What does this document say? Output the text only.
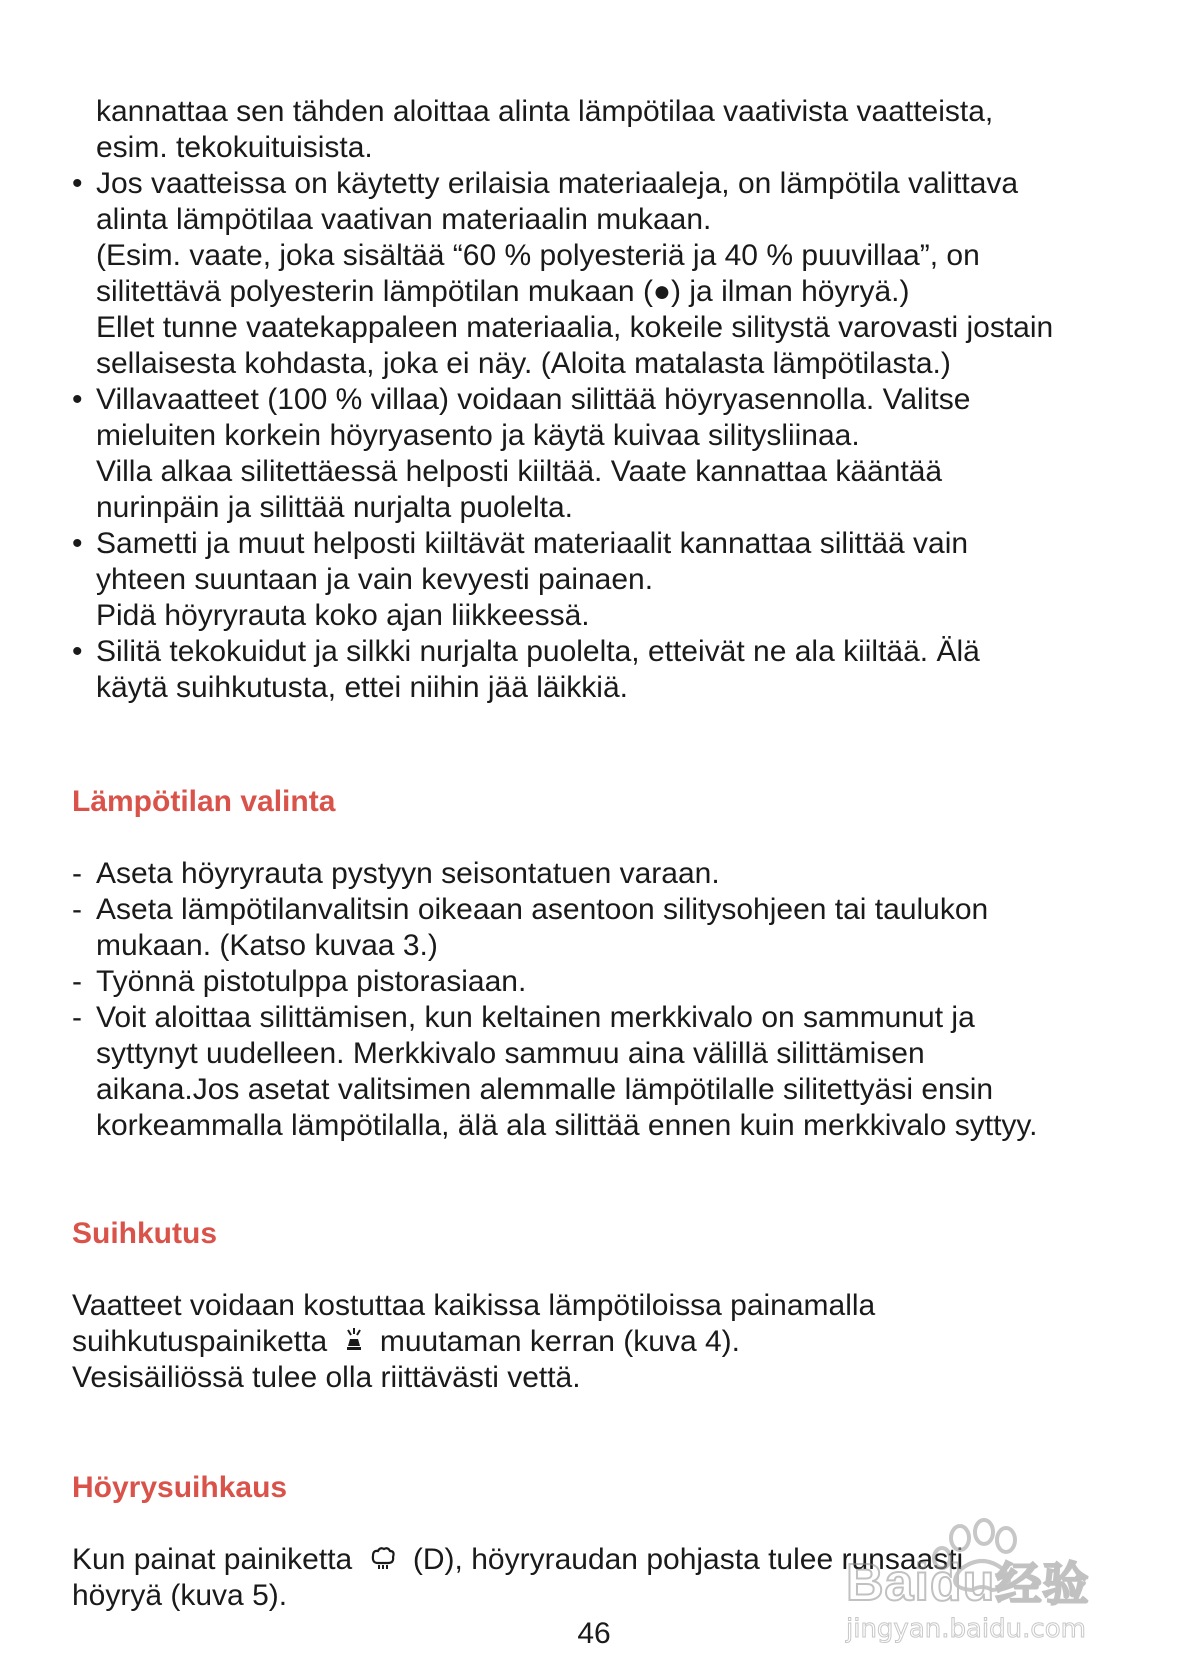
kannattaa sen tähden aloittaa alinta lämpötilaa vaativista vaatteista,
esim. tekokuituisista.
• Jos vaatteissa on käytetty erilaisia materiaaleja, on lämpötila valittava
alinta lämpötilaa vaativan materiaalin mukaan.
(Esim. vaate, joka sisältää “60 % polyesteriä ja 40 % puuvillaa”, on
silitettävä polyesterin lämpötilan mukaan (●) ja ilman höyryä.)
Ellet tunne vaatekappaleen materiaalia, kokeile silitystä varovasti jostain
sellaisesta kohdasta, joka ei näy. (Aloita matalasta lämpötilasta.)
• Villavaatteet (100 % villaa) voidaan silittää höyryasennolla. Valitse
mieluiten korkein höyryasento ja käytä kuivaa silitysliinaa.
Villa alkaa silitettäessä helposti kiiltää. Vaate kannattaa kääntää
nurinpäin ja silittää nurjalta puolelta.
• Sametti ja muut helposti kiiltävät materiaalit kannattaa silittää vain
yhteen suuntaan ja vain kevyesti painaen.
Pidä höyryrauta koko ajan liikkeessä.
• Silitä tekokuidut ja silkki nurjalta puolelta, etteivät ne ala kiiltää. Älä
käytä suihkutusta, ettei niihin jää läikkiä.
Lämpötilan valinta
- Aseta höyryrauta pystyyn seisontatuen varaan.
- Aseta lämpötilanvalitsin oikeaan asentoon silitysohjeen tai taulukon
mukaan. (Katso kuvaa 3.)
- Työnnä pistotulppa pistorasiaan.
- Voit aloittaa silittämisen, kun keltainen merkkivalo on sammunut ja
syttynyt uudelleen. Merkkivalo sammuu aina välillä silittämisen
aikana.Jos asetat valitsimen alemmalle lämpötilalle silitettyäsi ensin
korkeammalla lämpötilalla, älä ala silittää ennen kuin merkkivalo syttyy.
Suihkutus
Vaatteet voidaan kostuttaa kaikissa lämpötiloissa painamalla
suihkutuspainiketta muutaman kerran (kuva 4).
Vesisäiliössä tulee olla riittävästi vettä.
Höyrysuihkaus
Kun painat painiketta (D), höyryraudan pohjasta tulee runsaasti
höyryä (kuva 5).
46
Baidu经验
jingyan.baidu.com
